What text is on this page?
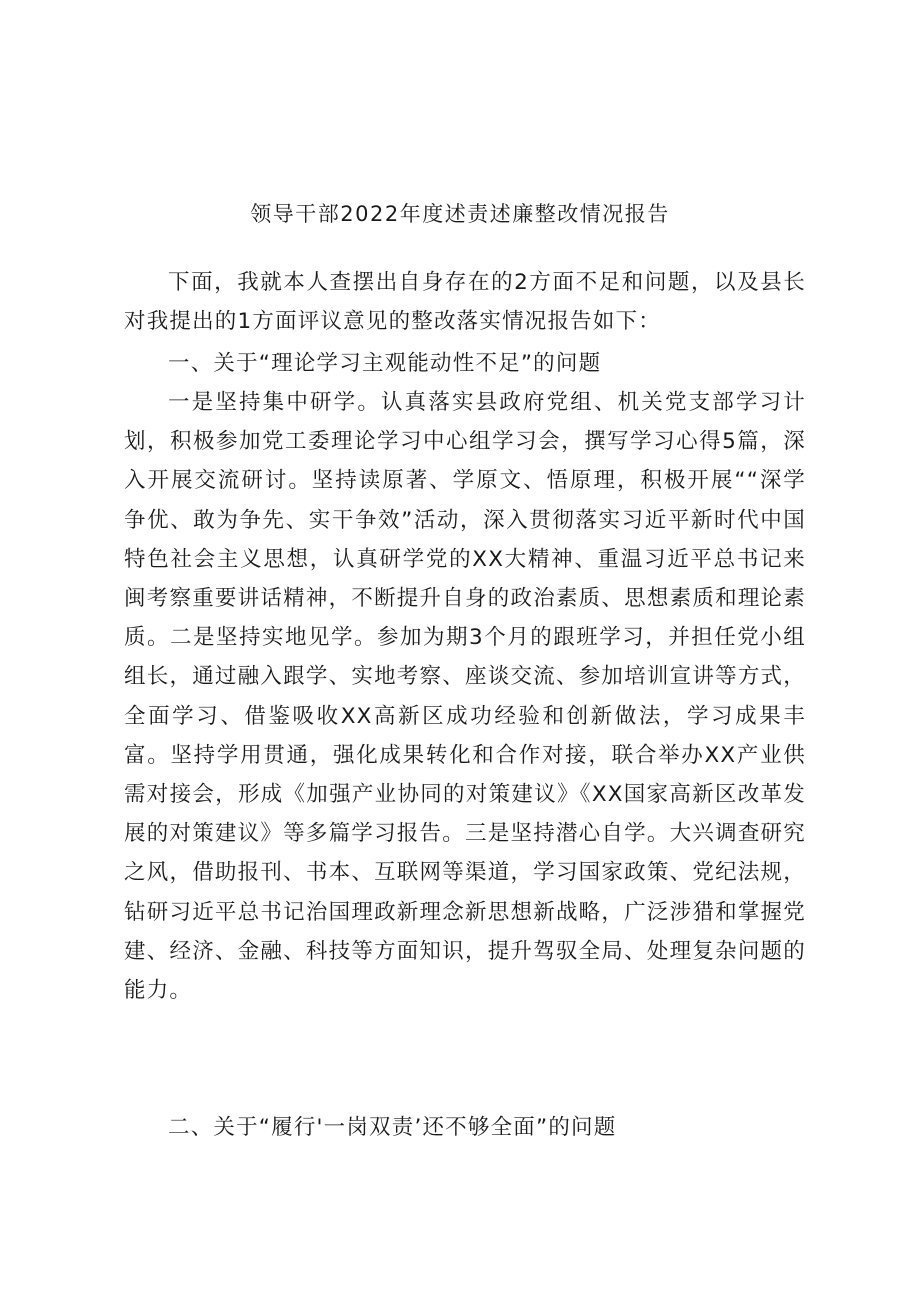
领导干部2022年度述责述廉整改情况报告

下面，我就本人查摆出自身存在的2方面不足和问题，以及县长对我提出的1方面评议意见的整改落实情况报告如下：

一、关于“理论学习主观能动性不足”的问题

一是坚持集中研学。认真落实县政府党组、机关党支部学习计划，积极参加党工委理论学习中心组学习会，撰写学习心得5篇，深入开展交流研讨。坚持读原著、学原文、悟原理，积极开展““深学争优、敢为争先、实干争效”活动，深入贯彻落实习近平新时代中国特色社会主义思想，认真研学党的XX大精神、重温习近平总书记来闽考察重要讲话精神，不断提升自身的政治素质、思想素质和理论素质。二是坚持实地见学。参加为期3个月的跟班学习，并担任党小组组长，通过融入跟学、实地考察、座谈交流、参加培训宣讲等方式，全面学习、借鉴吸收XX高新区成功经验和创新做法，学习成果丰富。坚持学用贯通，强化成果转化和合作对接，联合举办XX产业供需对接会，形成《加强产业协同的对策建议》《XX国家高新区改革发展的对策建议》等多篇学习报告。三是坚持潜心自学。大兴调查研究之风，借助报刊、书本、互联网等渠道，学习国家政策、党纪法规，钻研习近平总书记治国理政新理念新思想新战略，广泛涉猎和掌握党建、经济、金融、科技等方面知识，提升驾驭全局、处理复杂问题的能力。

二、关于“履行'一岗双责’还不够全面”的问题
